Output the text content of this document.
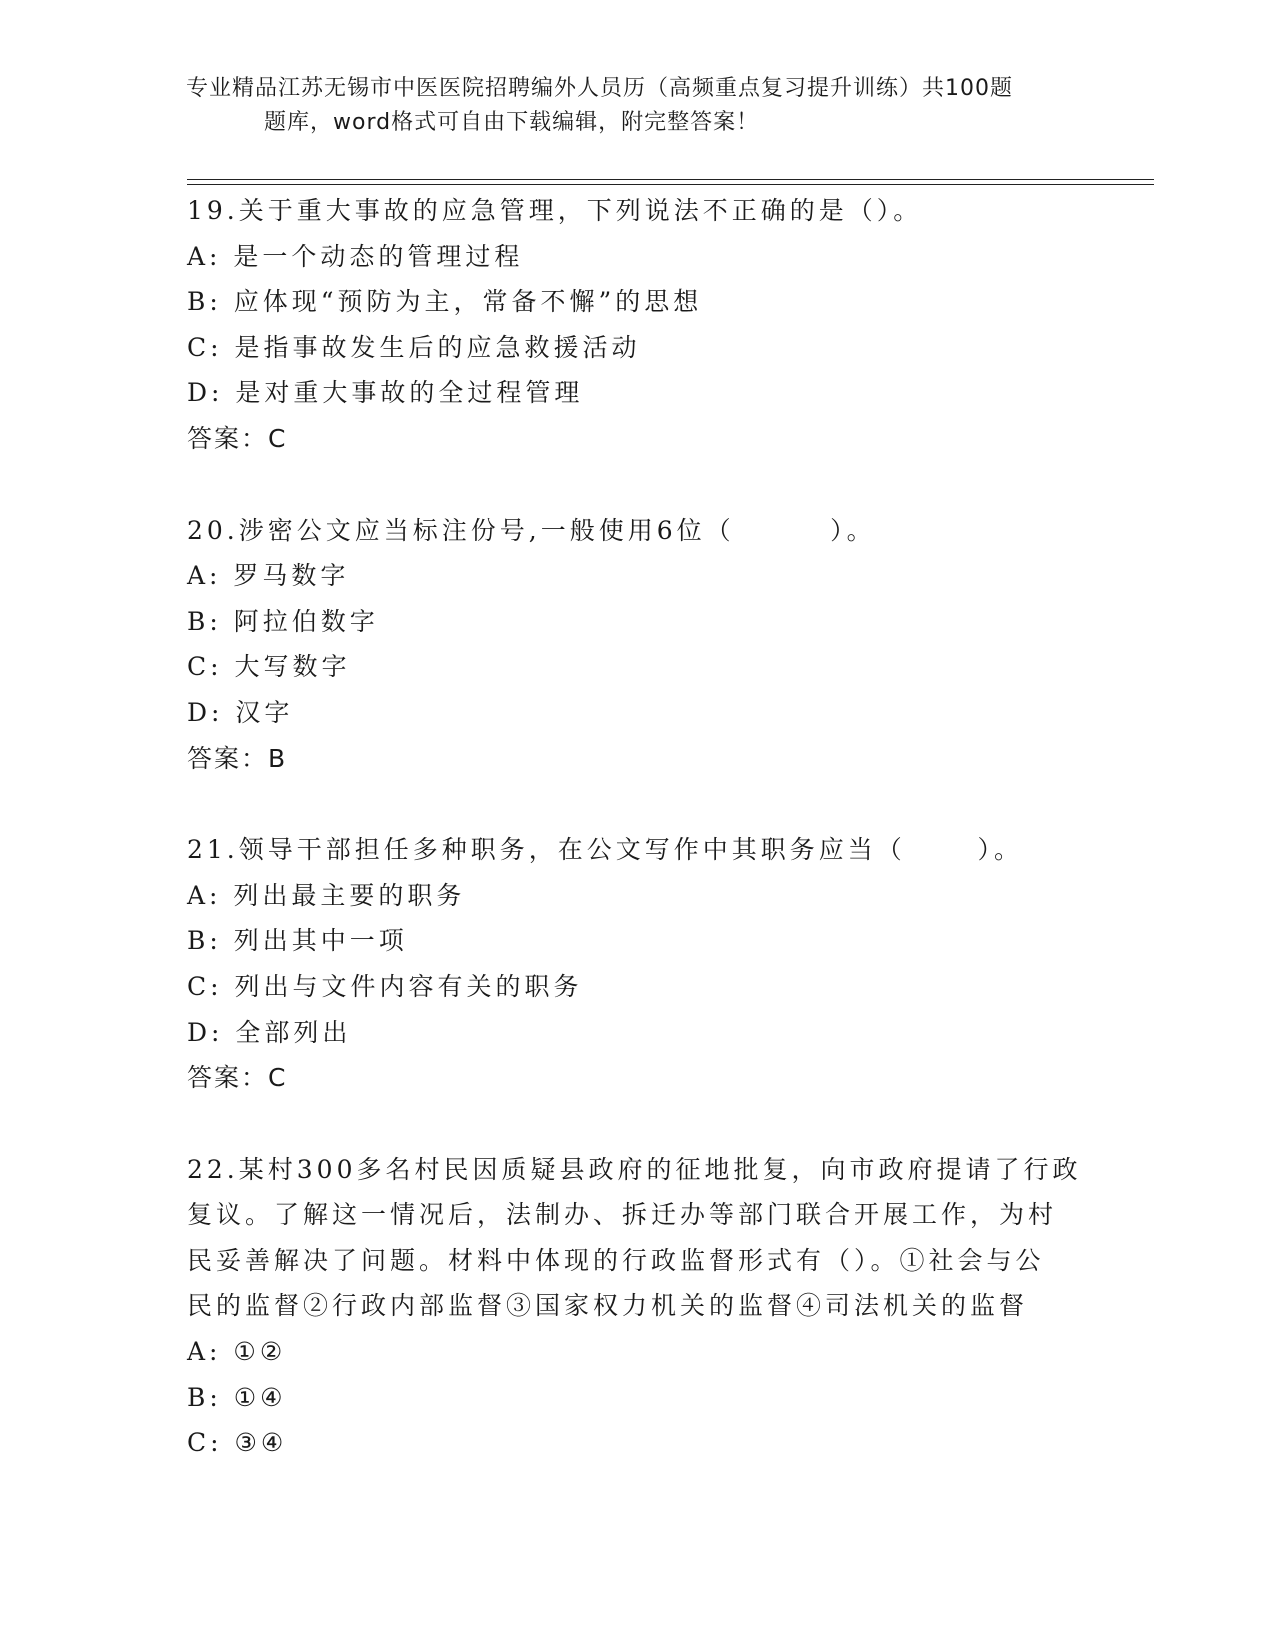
专业精品江苏无锡市中医医院招聘编外人员历（高频重点复习提升训练）共100题
题库，word格式可自由下载编辑，附完整答案！
19.关于重大事故的应急管理，下列说法不正确的是（）。
A: 是一个动态的管理过程
B: 应体现“预防为主，常备不懈”的思想
C: 是指事故发生后的应急救援活动
D: 是对重大事故的全过程管理
答案：C
20.涉密公文应当标注份号,一般使用6位（        ）。
A: 罗马数字
B: 阿拉伯数字
C: 大写数字
D: 汉字
答案：B
21.领导干部担任多种职务，在公文写作中其职务应当（      ）。
A: 列出最主要的职务
B: 列出其中一项
C: 列出与文件内容有关的职务
D: 全部列出
答案：C
22.某村300多名村民因质疑县政府的征地批复，向市政府提请了行政
复议。了解这一情况后，法制办、拆迁办等部门联合开展工作，为村
民妥善解决了问题。材料中体现的行政监督形式有（）。①社会与公
民的监督②行政内部监督③国家权力机关的监督④司法机关的监督
A: ①②
B: ①④
C: ③④
